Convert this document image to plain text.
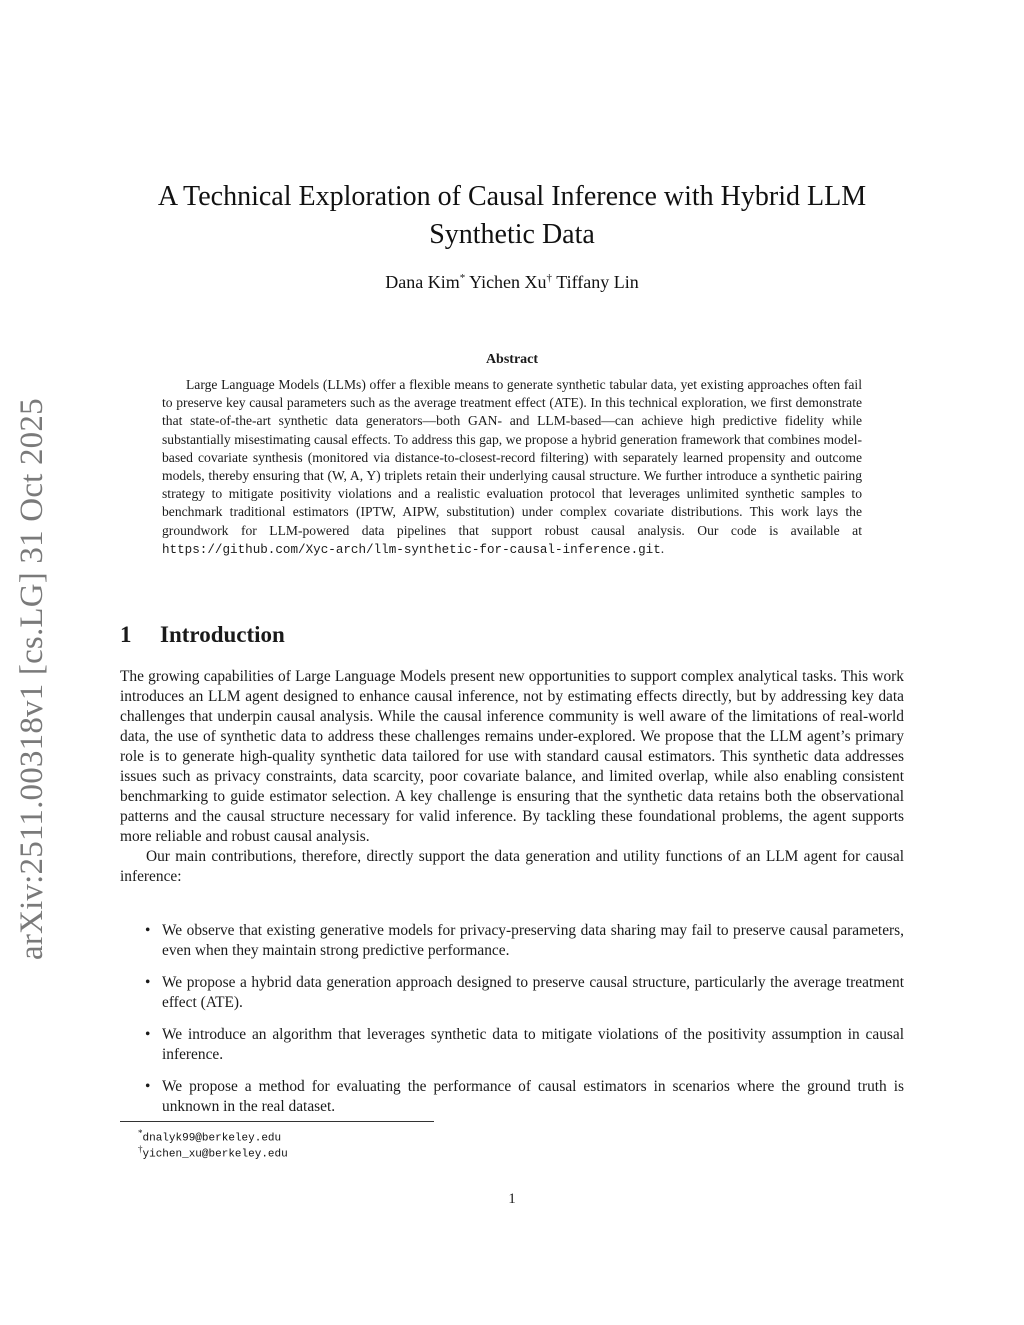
arXiv:2511.00318v1 [cs.LG] 31 Oct 2025
A Technical Exploration of Causal Inference with Hybrid LLM Synthetic Data
Dana Kim* Yichen Xu† Tiffany Lin
Abstract
Large Language Models (LLMs) offer a flexible means to generate synthetic tabular data, yet existing approaches often fail to preserve key causal parameters such as the average treatment effect (ATE). In this technical exploration, we first demonstrate that state-of-the-art synthetic data generators—both GAN- and LLM-based—can achieve high predictive fidelity while substantially misestimating causal effects. To address this gap, we propose a hybrid generation framework that combines model-based covariate synthesis (monitored via distance-to-closest-record filtering) with separately learned propensity and outcome models, thereby ensuring that (W, A, Y) triplets retain their underlying causal structure. We further introduce a synthetic pairing strategy to mitigate positivity violations and a realistic evaluation protocol that leverages unlimited synthetic samples to benchmark traditional estimators (IPTW, AIPW, substitution) under complex covariate distributions. This work lays the groundwork for LLM-powered data pipelines that support robust causal analysis. Our code is available at https://github.com/Xyc-arch/llm-synthetic-for-causal-inference.git.
1 Introduction

The growing capabilities of Large Language Models present new opportunities to support complex analytical tasks. This work introduces an LLM agent designed to enhance causal inference, not by estimating effects directly, but by addressing key data challenges that underpin causal analysis. While the causal inference community is well aware of the limitations of real-world data, the use of synthetic data to address these challenges remains under-explored. We propose that the LLM agent’s primary role is to generate high-quality synthetic data tailored for use with standard causal estimators. This synthetic data addresses issues such as privacy constraints, data scarcity, poor covariate balance, and limited overlap, while also enabling consistent benchmarking to guide estimator selection. A key challenge is ensuring that the synthetic data retains both the observational patterns and the causal structure necessary for valid inference. By tackling these foundational problems, the agent supports more reliable and robust causal analysis.

Our main contributions, therefore, directly support the data generation and utility functions of an LLM agent for causal inference:

• We observe that existing generative models for privacy-preserving data sharing may fail to preserve causal parameters, even when they maintain strong predictive performance.
• We propose a hybrid data generation approach designed to preserve causal structure, particularly the average treatment effect (ATE).
• We introduce an algorithm that leverages synthetic data to mitigate violations of the positivity assumption in causal inference.
• We propose a method for evaluating the performance of causal estimators in scenarios where the ground truth is unknown in the real dataset.
*dnalyk99@berkeley.edu
†yichen_xu@berkeley.edu
1
